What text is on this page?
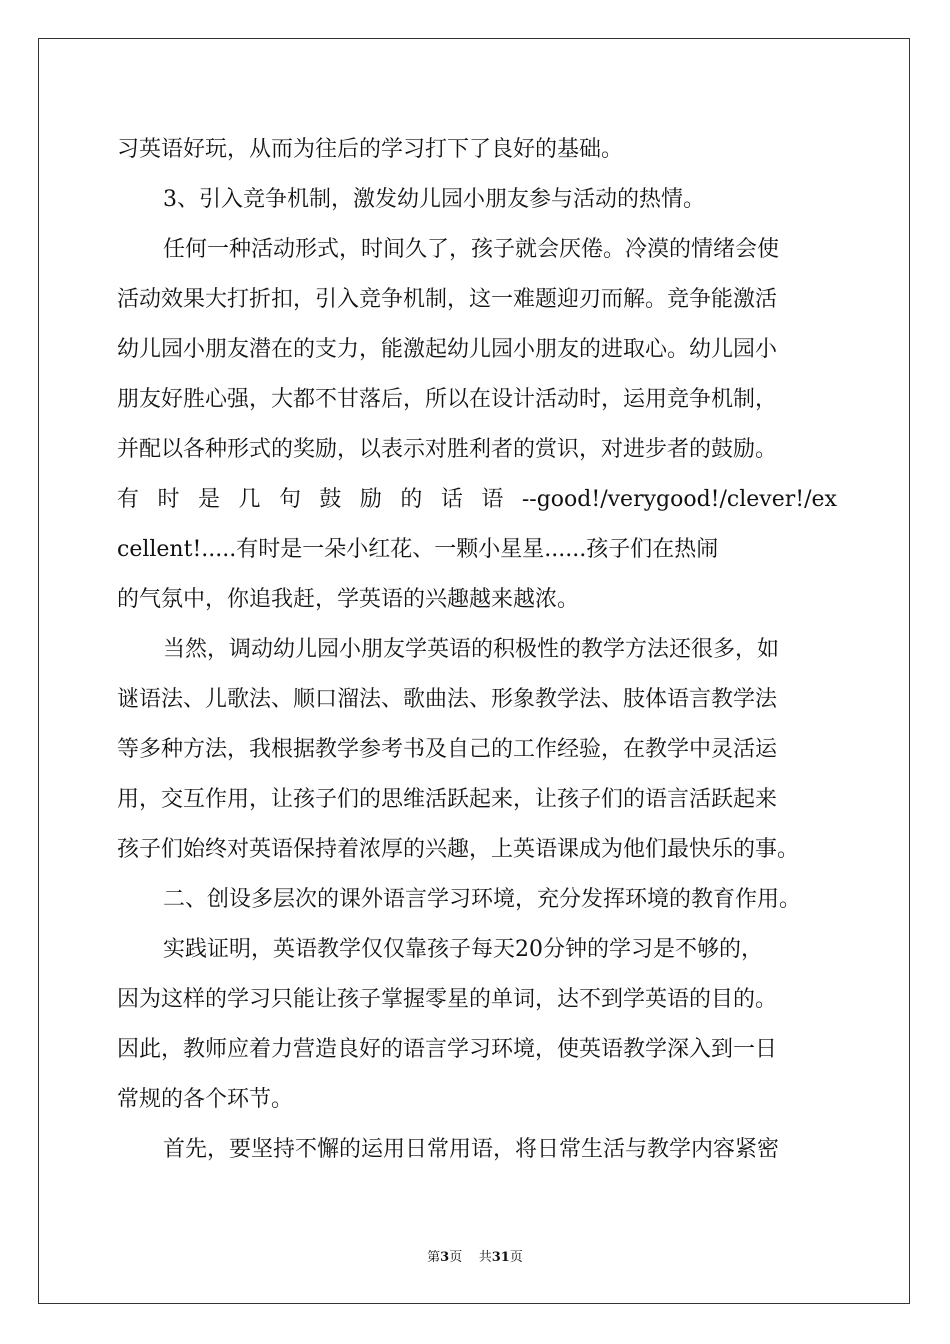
习英语好玩，从而为往后的学习打下了良好的基础。
3、引入竞争机制，激发幼儿园小朋友参与活动的热情。
任何一种活动形式，时间久了，孩子就会厌倦。冷漠的情绪会使
活动效果大打折扣，引入竞争机制，这一难题迎刃而解。竞争能激活
幼儿园小朋友潜在的支力，能激起幼儿园小朋友的进取心。幼儿园小
朋友好胜心强，大都不甘落后，所以在设计活动时，运用竞争机制，
并配以各种形式的奖励，以表示对胜利者的赏识，对进步者的鼓励。
有 时 是 几 句 鼓 励 的 话 语 --good!/verygood!/clever!/ex
cellent!.....有时是一朵小红花、一颗小星星......孩子们在热闹
的气氛中，你追我赶，学英语的兴趣越来越浓。
当然，调动幼儿园小朋友学英语的积极性的教学方法还很多，如
谜语法、儿歌法、顺口溜法、歌曲法、形象教学法、肢体语言教学法
等多种方法，我根据教学参考书及自己的工作经验，在教学中灵活运
用，交互作用，让孩子们的思维活跃起来，让孩子们的语言活跃起来
孩子们始终对英语保持着浓厚的兴趣，上英语课成为他们最快乐的事。
二、创设多层次的课外语言学习环境，充分发挥环境的教育作用。
实践证明，英语教学仅仅靠孩子每天20分钟的学习是不够的，
因为这样的学习只能让孩子掌握零星的单词，达不到学英语的目的。
因此，教师应着力营造良好的语言学习环境，使英语教学深入到一日
常规的各个环节。
首先，要坚持不懈的运用日常用语，将日常生活与教学内容紧密
第3页 共31页
